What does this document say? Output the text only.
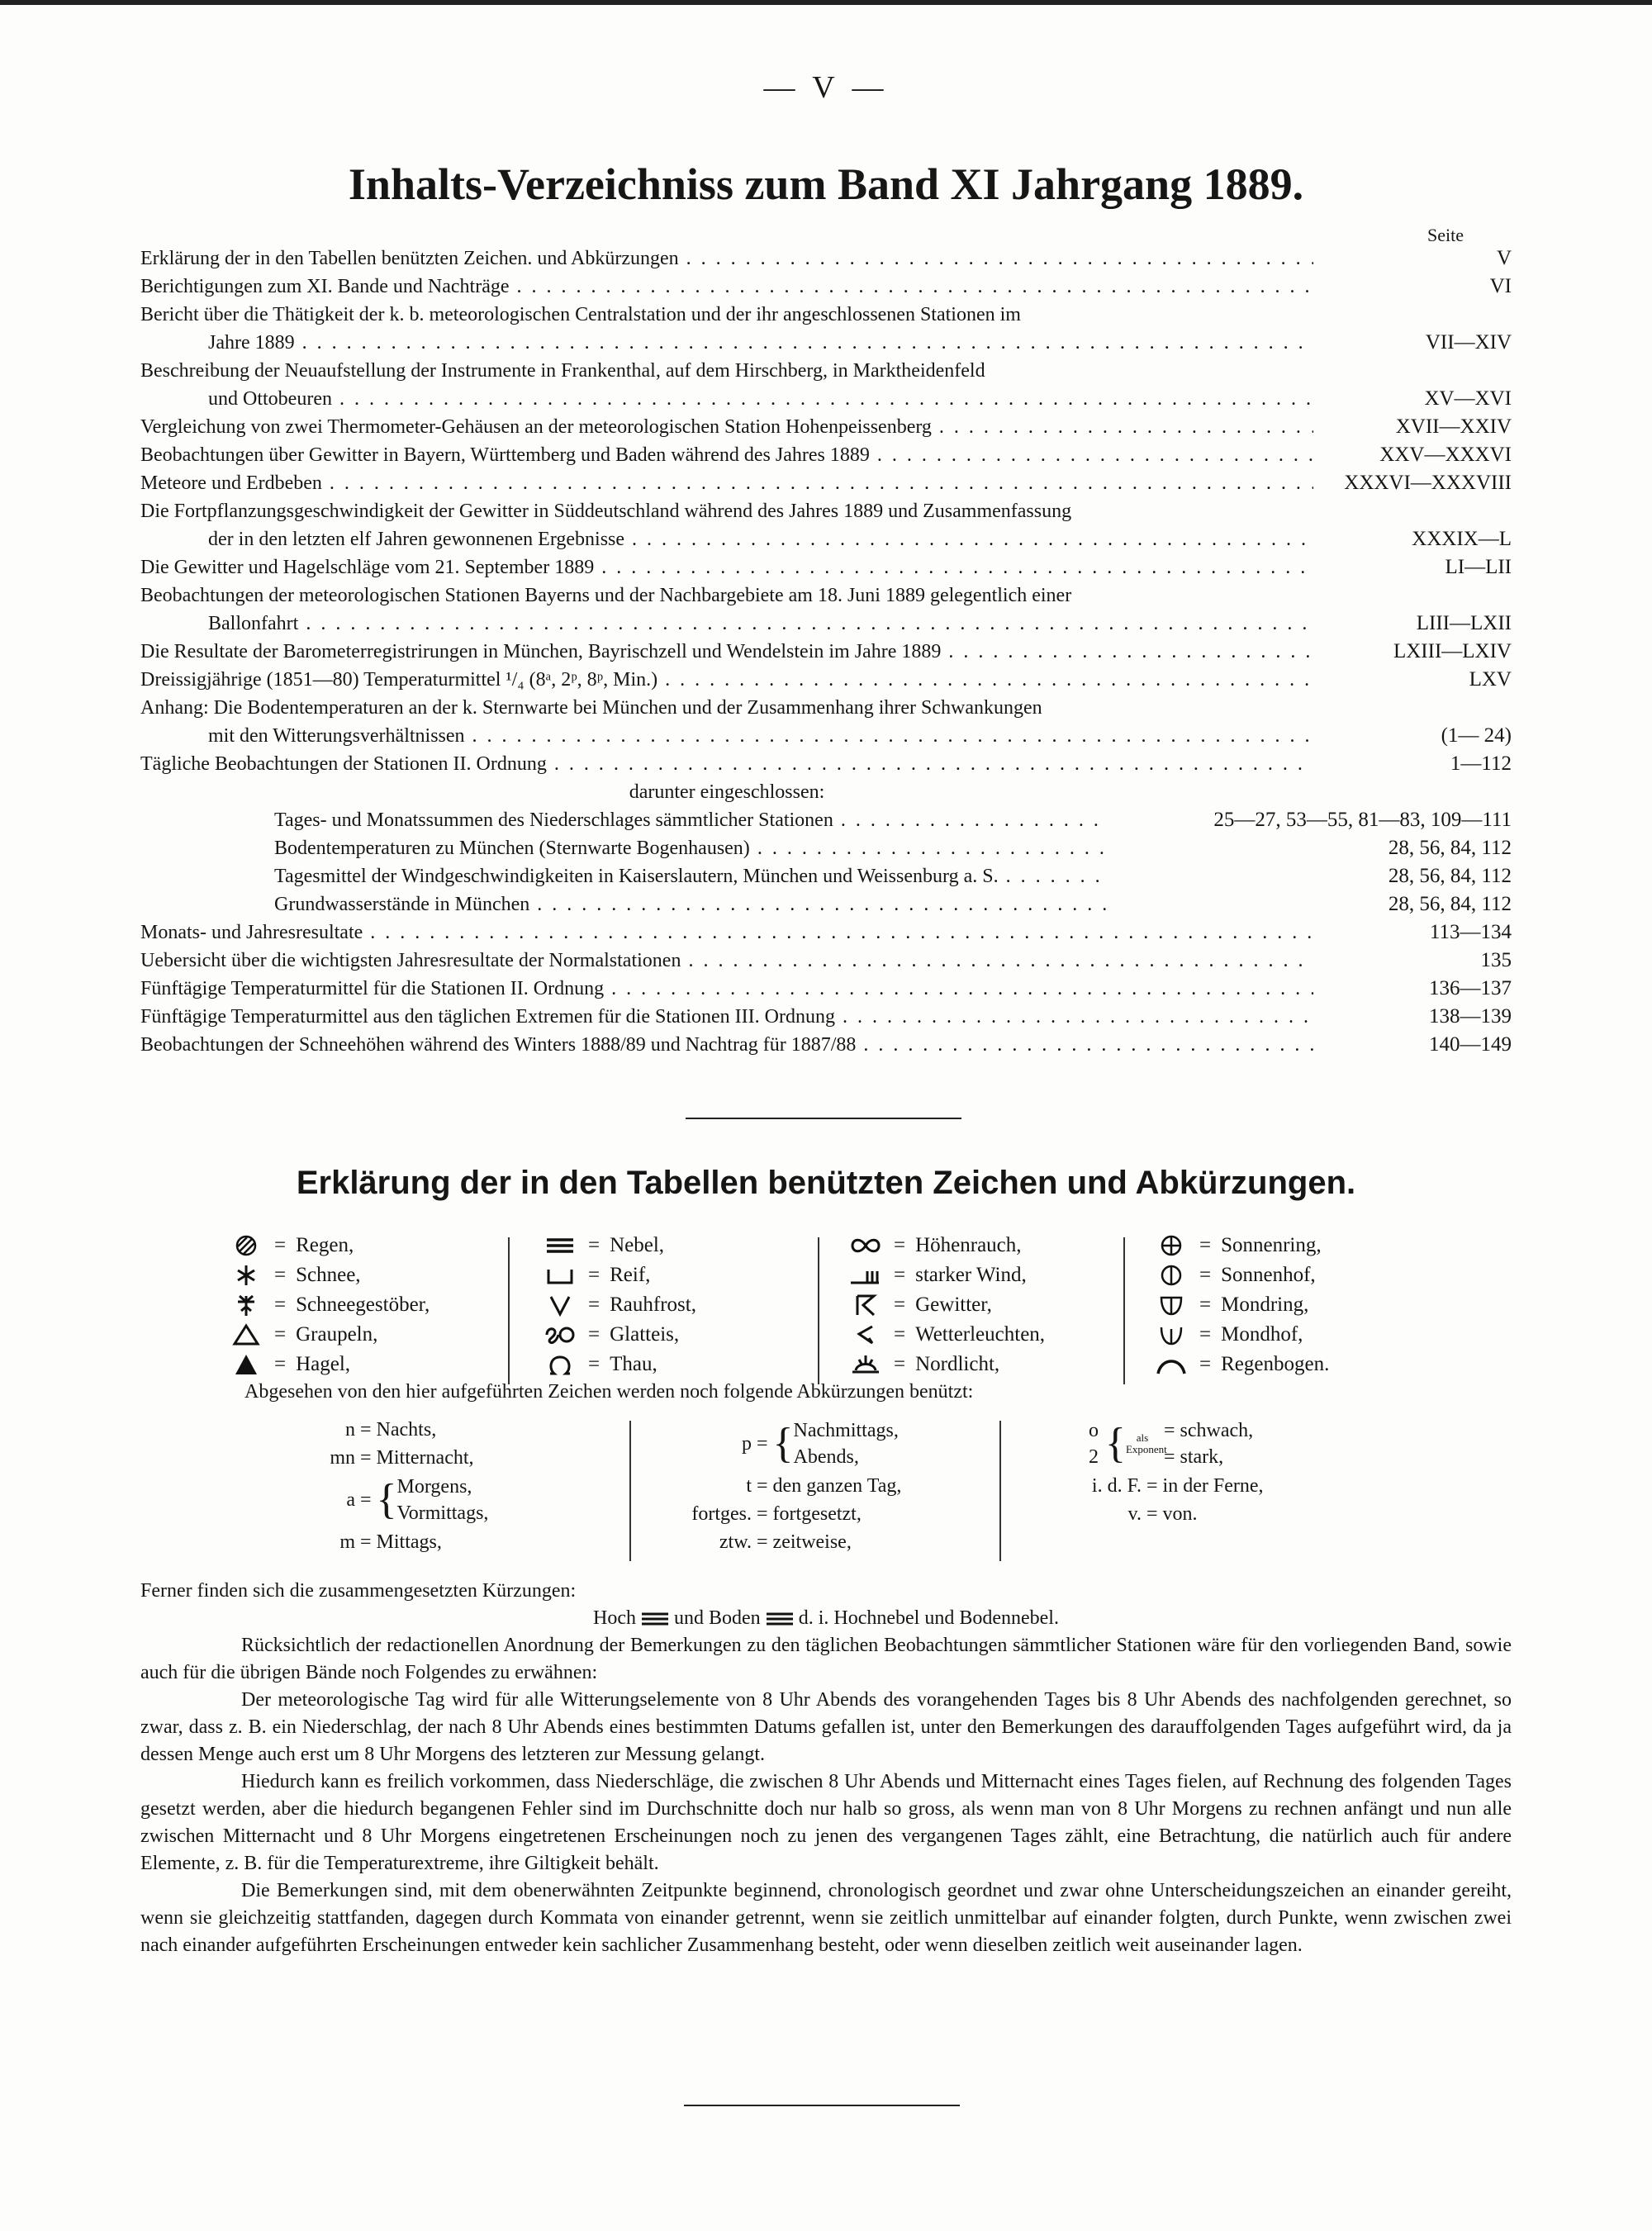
— V —
Inhalts-Verzeichniss zum Band XI Jahrgang 1889.
Seite
Erklärung der in den Tabellen benützten Zeichen. und Abkürzungen . . .	V
Berichtigungen zum XI. Bande und Nachträge . . .	VI
Bericht über die Thätigkeit der k. b. meteorologischen Centralstation und der ihr angeschlossenen Stationen im
Jahre 1889 . . .	VII—XIV
Beschreibung der Neuaufstellung der Instrumente in Frankenthal, auf dem Hirschberg, in Marktheidenfeld
und Ottobeuren . . .	XV—XVI
Vergleichung von zwei Thermometer-Gehäusen an der meteorologischen Station Hohenpeissenberg . . .	XVII—XXIV
Beobachtungen über Gewitter in Bayern, Württemberg und Baden während des Jahres 1889 . . .	XXV—XXXVI
Meteore und Erdbeben . . .	XXXVI—XXXVIII
Die Fortpflanzungsgeschwindigkeit der Gewitter in Süddeutschland während des Jahres 1889 und Zusammenfassung
der in den letzten elf Jahren gewonnenen Ergebnisse . . .	XXXIX—L
Die Gewitter und Hagelschläge vom 21. September 1889 . . .	LI—LII
Beobachtungen der meteorologischen Stationen Bayerns und der Nachbargebiete am 18. Juni 1889 gelegentlich einer
Ballonfahrt . . .	LIII—LXII
Die Resultate der Barometerregistrirungen in München, Bayrischzell und Wendelstein im Jahre 1889 . . .	LXIII—LXIV
Dreissigjährige (1851—80) Temperaturmittel ¹/₄ (8ᵃ, 2ᵖ, 8ᵖ, Min.) . . .	LXV
Anhang: Die Bodentemperaturen an der k. Sternwarte bei München und der Zusammenhang ihrer Schwankungen
mit den Witterungsverhältnissen . . .	(1— 24)
Tägliche Beobachtungen der Stationen II. Ordnung . . .	1—112
darunter eingeschlossen:
Tages- und Monatssummen des Niederschlages sämmtlicher Stationen . . .	25—27, 53—55, 81—83, 109—111
Bodentemperaturen zu München (Sternwarte Bogenhausen) . . .	28, 56, 84, 112
Tagesmittel der Windgeschwindigkeiten in Kaiserslautern, München und Weissenburg a. S. . . .	28, 56, 84, 112
Grundwasserstände in München . . .	28, 56, 84, 112
Monats- und Jahresresultate . . .	113—134
Uebersicht über die wichtigsten Jahresresultate der Normalstationen . . .	135
Fünftägige Temperaturmittel für die Stationen II. Ordnung . . .	136—137
Fünftägige Temperaturmittel aus den täglichen Extremen für die Stationen III. Ordnung . . .	138—139
Beobachtungen der Schneehöhen während des Winters 1888/89 und Nachtrag für 1887/88 . . .	140—149
Erklärung der in den Tabellen benützten Zeichen und Abkürzungen.
= Regen,
= Schnee,
= Schneegestöber,
= Graupeln,
= Hagel,
= Nebel,
= Reif,
= Rauhfrost,
= Glatteis,
= Thau,
= Höhenrauch,
= starker Wind,
= Gewitter,
= Wetterleuchten,
= Nordlicht,
= Sonnenring,
= Sonnenhof,
= Mondring,
= Mondhof,
= Regenbogen.
Abgesehen von den hier aufgeführten Zeichen werden noch folgende Abkürzungen benützt:
n = Nachts,
mn = Mitternacht,
a = { Morgens,
Vormittags,
m = Mittags,
p = { Nachmittags,
Abends,
t = den ganzen Tag,
fortges. = fortgesetzt,
ztw. = zeitweise,
o
2 { als Exponent
= schwach,
= stark,
i. d. F. = in der Ferne,
v. = von.

Ferner finden sich die zusammengesetzten Kürzungen:

Hoch und Boden d. i. Hochnebel und Bodennebel.

Rücksichtlich der redactionellen Anordnung der Bemerkungen zu den täglichen Beobachtungen sämmtlicher Stationen wäre für den vorliegenden Band, sowie auch für die übrigen Bände noch Folgendes zu erwähnen:

Der meteorologische Tag wird für alle Witterungselemente von 8 Uhr Abends des vorangehenden Tages bis 8 Uhr Abends des nachfolgenden gerechnet, so zwar, dass z. B. ein Niederschlag, der nach 8 Uhr Abends eines bestimmten Datums gefallen ist, unter den Bemerkungen des darauffolgenden Tages aufgeführt wird, da ja dessen Menge auch erst um 8 Uhr Morgens des letzteren zur Messung gelangt.

Hiedurch kann es freilich vorkommen, dass Niederschläge, die zwischen 8 Uhr Abends und Mitternacht eines Tages fielen, auf Rechnung des folgenden Tages gesetzt werden, aber die hiedurch begangenen Fehler sind im Durchschnitte doch nur halb so gross, als wenn man von 8 Uhr Morgens zu rechnen anfängt und nun alle zwischen Mitternacht und 8 Uhr Morgens eingetretenen Erscheinungen noch zu jenen des vergangenen Tages zählt, eine Betrachtung, die natürlich auch für andere Elemente, z. B. für die Temperaturextreme, ihre Giltigkeit behält.

Die Bemerkungen sind, mit dem obenerwähnten Zeitpunkte beginnend, chronologisch geordnet und zwar ohne Unterscheidungszeichen an einander gereiht, wenn sie gleichzeitig stattfanden, dagegen durch Kommata von einander getrennt, wenn sie zeitlich unmittelbar auf einander folgten, durch Punkte, wenn zwischen zwei nach einander aufgeführten Erscheinungen entweder kein sachlicher Zusammenhang besteht, oder wenn dieselben zeitlich weit auseinander lagen.
